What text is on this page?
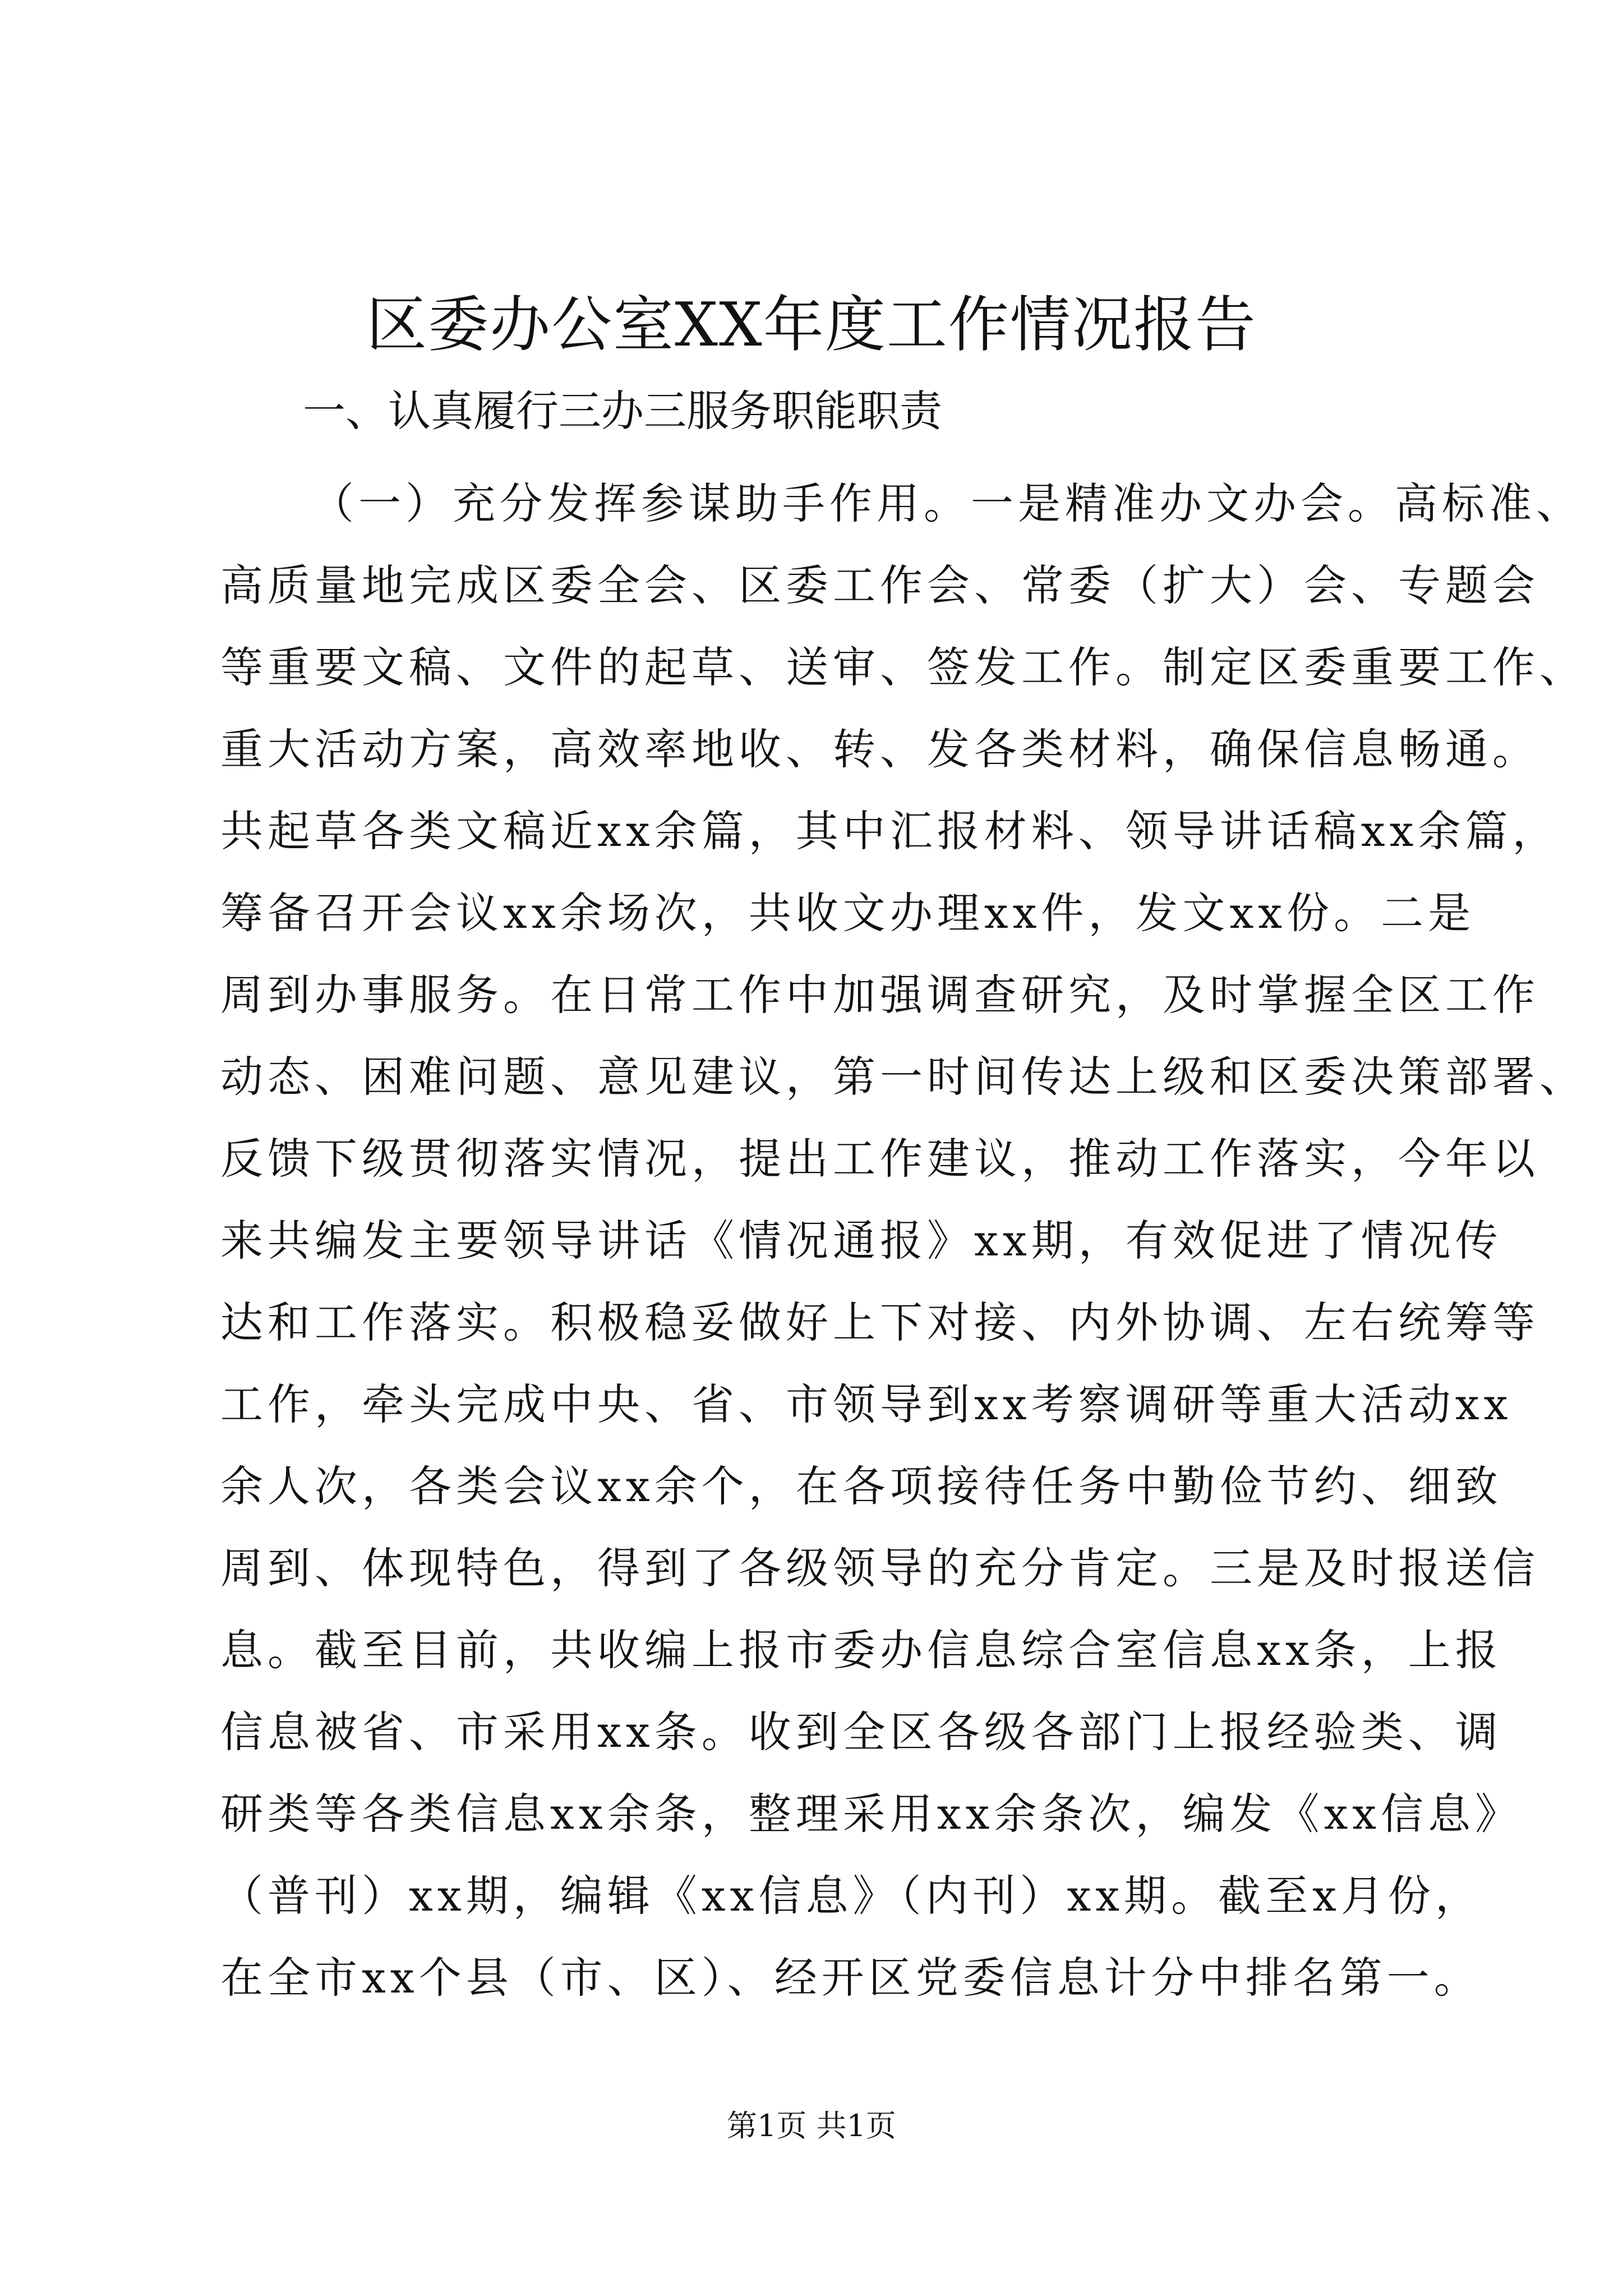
区委办公室XX年度工作情况报告

一、认真履行三办三服务职能职责

（一）充分发挥参谋助手作用。一是精准办文办会。高标准、
高质量地完成区委全会、区委工作会、常委（扩大）会、专题会
等重要文稿、文件的起草、送审、签发工作。制定区委重要工作、
重大活动方案，高效率地收、转、发各类材料，确保信息畅通。
共起草各类文稿近xx余篇，其中汇报材料、领导讲话稿xx余篇，
筹备召开会议xx余场次，共收文办理xx件，发文xx份。二是
周到办事服务。在日常工作中加强调查研究，及时掌握全区工作
动态、困难问题、意见建议，第一时间传达上级和区委决策部署、
反馈下级贯彻落实情况，提出工作建议，推动工作落实，今年以
来共编发主要领导讲话《情况通报》xx期，有效促进了情况传
达和工作落实。积极稳妥做好上下对接、内外协调、左右统筹等
工作，牵头完成中央、省、市领导到xx考察调研等重大活动xx
余人次，各类会议xx余个，在各项接待任务中勤俭节约、细致
周到、体现特色，得到了各级领导的充分肯定。三是及时报送信
息。截至目前，共收编上报市委办信息综合室信息xx条，上报
信息被省、市采用xx条。收到全区各级各部门上报经验类、调
研类等各类信息xx余条，整理采用xx余条次，编发《xx信息》
（普刊）xx期，编辑《xx信息》（内刊）xx期。截至x月份，
在全市xx个县（市、区）、经开区党委信息计分中排名第一。

第1页 共1页
